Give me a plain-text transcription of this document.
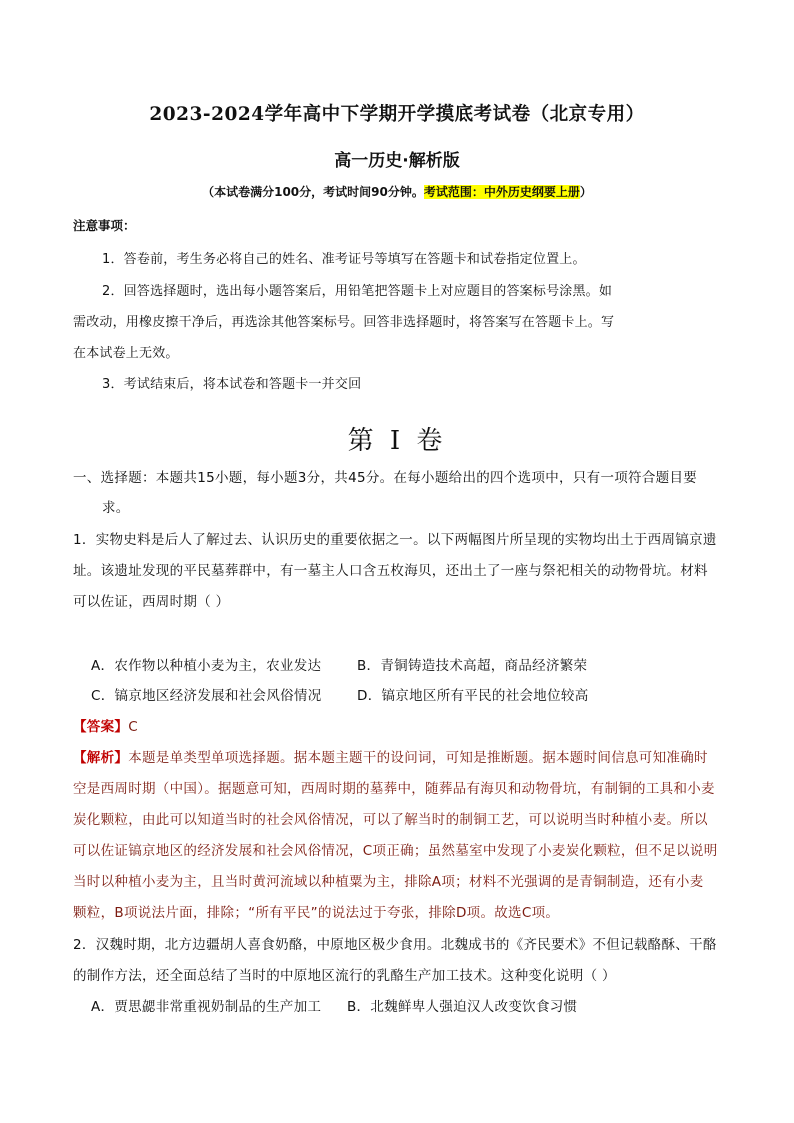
2023-2024学年高中下学期开学摸底考试卷（北京专用）
高一历史·解析版
（本试卷满分100分，考试时间90分钟。考试范围：中外历史纲要上册）
注意事项：
1．答卷前，考生务必将自己的姓名、准考证号等填写在答题卡和试卷指定位置上。
2．回答选择题时，选出每小题答案后，用铅笔把答题卡上对应题目的答案标号涂黑。如
需改动，用橡皮擦干净后，再选涂其他答案标号。回答非选择题时，将答案写在答题卡上。写
在本试卷上无效。
3．考试结束后，将本试卷和答题卡一并交回
第 I 卷
一、选择题：本题共15小题，每小题3分，共45分。在每小题给出的四个选项中，只有一项符合题目要
求。
1．实物史料是后人了解过去、认识历史的重要依据之一。以下两幅图片所呈现的实物均出土于西周镐京遗
址。该遗址发现的平民墓葬群中，有一墓主人口含五枚海贝，还出土了一座与祭祀相关的动物骨坑。材料
可以佐证，西周时期（ ）
A．农作物以种植小麦为主，农业发达	B．青铜铸造技术高超，商品经济繁荣
C．镐京地区经济发展和社会风俗情况	D．镐京地区所有平民的社会地位较高
【答案】C
【解析】本题是单类型单项选择题。据本题主题干的设问词，可知是推断题。据本题时间信息可知准确时
空是西周时期（中国）。据题意可知，西周时期的墓葬中，随葬品有海贝和动物骨坑，有制铜的工具和小麦
炭化颗粒，由此可以知道当时的社会风俗情况，可以了解当时的制铜工艺，可以说明当时种植小麦。所以
可以佐证镐京地区的经济发展和社会风俗情况，C项正确；虽然墓室中发现了小麦炭化颗粒，但不足以说明
当时以种植小麦为主，且当时黄河流域以种植粟为主，排除A项；材料不光强调的是青铜制造，还有小麦
颗粒，B项说法片面，排除；“所有平民”的说法过于夸张，排除D项。故选C项。
2．汉魏时期，北方边疆胡人喜食奶酪，中原地区极少食用。北魏成书的《齐民要术》不但记载酪酥、干酪
的制作方法，还全面总结了当时的中原地区流行的乳酪生产加工技术。这种变化说明（ ）
A．贾思勰非常重视奶制品的生产加工 B．北魏鲜卑人强迫汉人改变饮食习惯
